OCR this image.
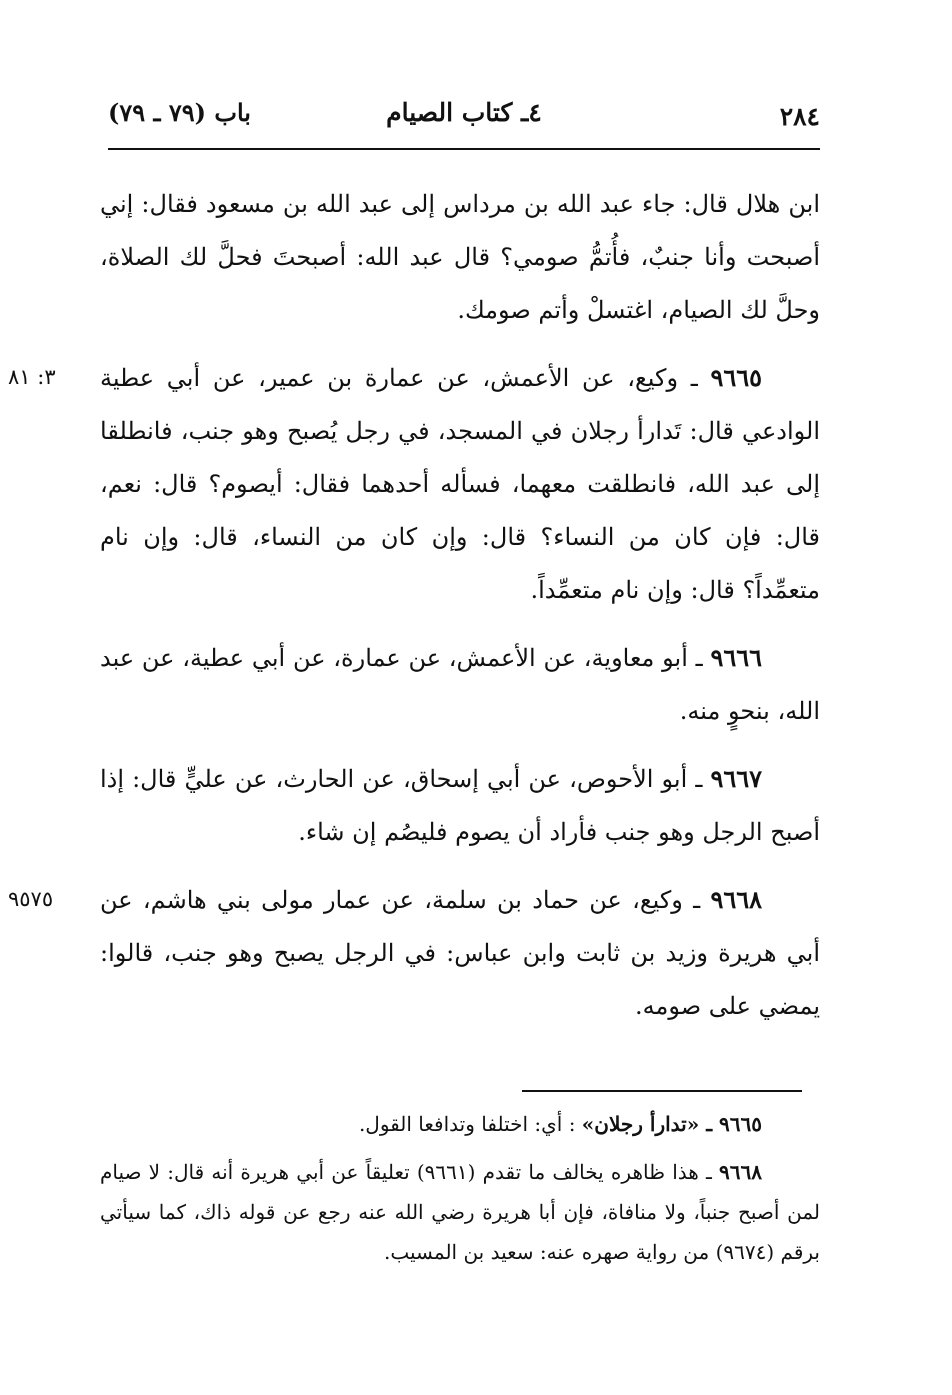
٢٨٤
٤ـ كتاب الصيام
باب (٧٩ ـ ٧٩)

ابن هلال قال: جاء عبد الله بن مرداس إلى عبد الله بن مسعود فقال: إني أصبحت وأنا جنبٌ، فأُتمُّ صومي؟ قال عبد الله: أصبحتَ فحلَّ لك الصلاة، وحلَّ لك الصيام، اغتسلْ وأتم صومك.

٣: ٨١	٩٦٦٥ ـ وكيع، عن الأعمش، عن عمارة بن عمير، عن أبي عطية الوادعي قال: تَدارأ رجلان في المسجد، في رجل يُصبح وهو جنب، فانطلقا إلى عبد الله، فانطلقت معهما، فسأله أحدهما فقال: أيصوم؟ قال: نعم، قال: فإن كان من النساء؟ قال: وإن كان من النساء، قال: وإن نام متعمِّداً؟ قال: وإن نام متعمِّداً.

٩٦٦٦ ـ أبو معاوية، عن الأعمش، عن عمارة، عن أبي عطية، عن عبد الله، بنحوٍ منه.

٩٦٦٧ ـ أبو الأحوص، عن أبي إسحاق، عن الحارث، عن عليٍّ قال: إذا أصبح الرجل وهو جنب فأراد أن يصوم فليصُم إن شاء.

٩٥٧٥	٩٦٦٨ ـ وكيع، عن حماد بن سلمة، عن عمار مولى بني هاشم، عن أبي هريرة وزيد بن ثابت وابن عباس: في الرجل يصبح وهو جنب، قالوا: يمضي على صومه.

٩٦٦٥ ـ «تدارأ رجلان» : أي: اختلفا وتدافعا القول.

٩٦٦٨ ـ هذا ظاهره يخالف ما تقدم (٩٦٦١) تعليقاً عن أبي هريرة أنه قال: لا صيام لمن أصبح جنباً، ولا منافاة، فإن أبا هريرة رضي الله عنه رجع عن قوله ذاك، كما سيأتي برقم (٩٦٧٤) من رواية صهره عنه: سعيد بن المسيب.
